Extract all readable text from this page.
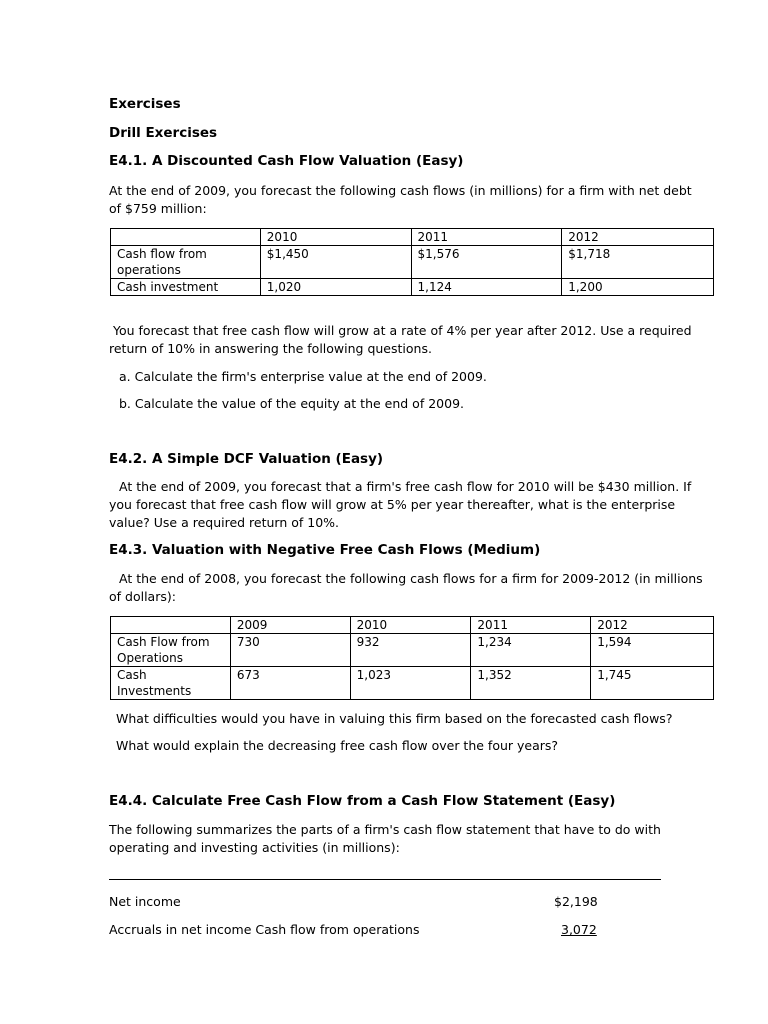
Exercises
Drill Exercises
E4.1. A Discounted Cash Flow Valuation (Easy)
At the end of 2009, you forecast the following cash flows (in millions) for a firm with net debt of $759 million:
	2010	2011	2012
Cash flow from operations	$1,450	$1,576	$1,718
Cash investment	1,020	1,124	1,200
You forecast that free cash flow will grow at a rate of 4% per year after 2012. Use a required return of 10% in answering the following questions.
a. Calculate the firm's enterprise value at the end of 2009.
b. Calculate the value of the equity at the end of 2009.
E4.2. A Simple DCF Valuation (Easy)
At the end of 2009, you forecast that a firm's free cash flow for 2010 will be $430 million. If you forecast that free cash flow will grow at 5% per year thereafter, what is the enterprise value? Use a required return of 10%.
E4.3. Valuation with Negative Free Cash Flows (Medium)
At the end of 2008, you forecast the following cash flows for a firm for 2009-2012 (in millions of dollars):
	2009	2010	2011	2012
Cash Flow from Operations	730	932	1,234	1,594
Cash Investments	673	1,023	1,352	1,745
What difficulties would you have in valuing this firm based on the forecasted cash flows?
What would explain the decreasing free cash flow over the four years?
E4.4. Calculate Free Cash Flow from a Cash Flow Statement (Easy)
The following summarizes the parts of a firm's cash flow statement that have to do with operating and investing activities (in millions):
Net income	$2,198
Accruals in net income Cash flow from operations	3,072
